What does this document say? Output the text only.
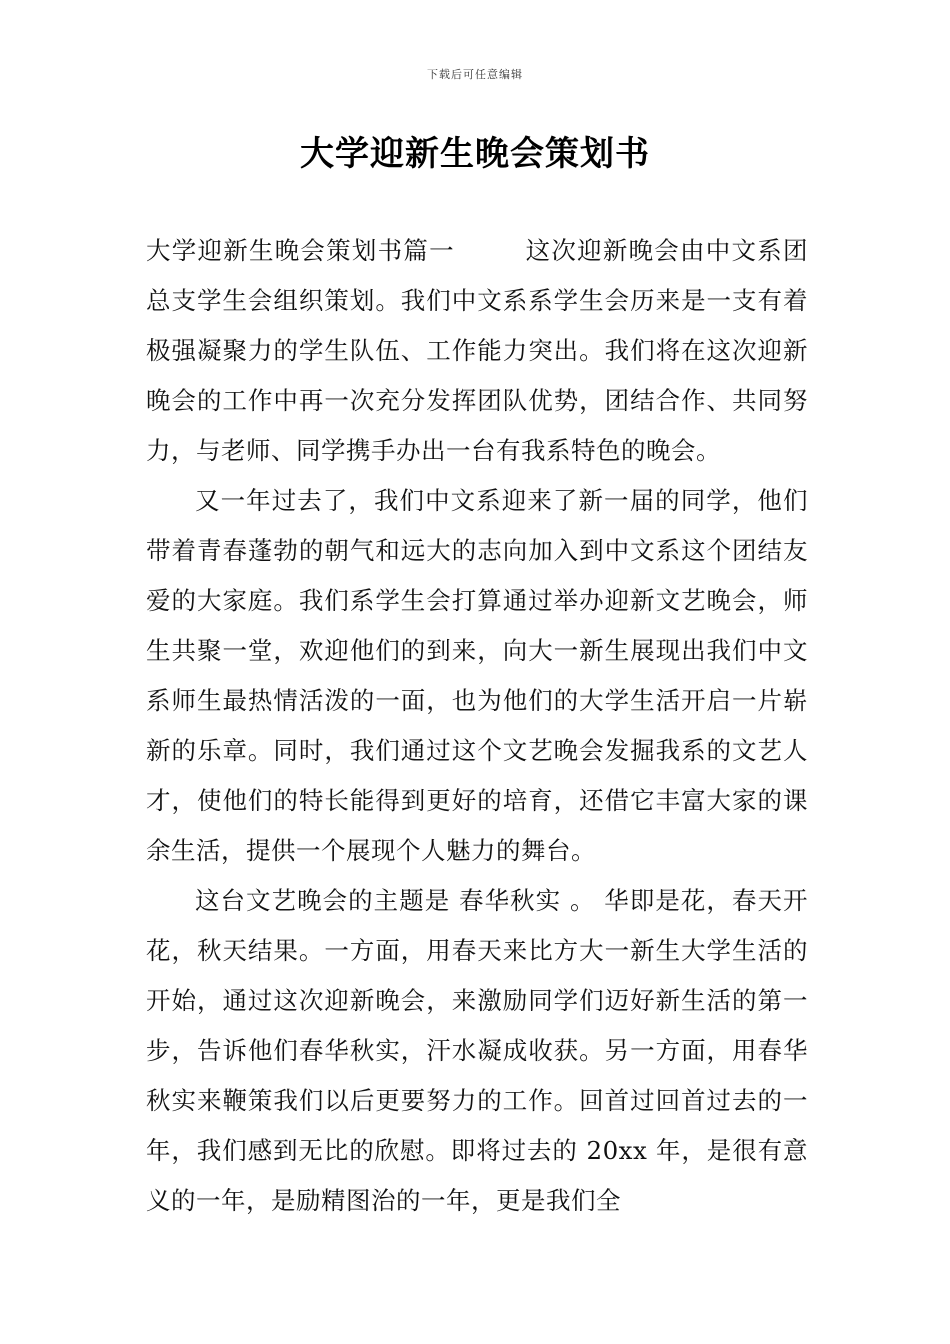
下载后可任意编辑
大学迎新生晚会策划书

大学迎新生晚会策划书篇一	这次迎新晚会由中文系团总支学生会组织策划。我们中文系系学生会历来是一支有着极强凝聚力的学生队伍、工作能力突出。我们将在这次迎新晚会的工作中再一次充分发挥团队优势，团结合作、共同努力，与老师、同学携手办出一台有我系特色的晚会。

又一年过去了，我们中文系迎来了新一届的同学，他们带着青春蓬勃的朝气和远大的志向加入到中文系这个团结友爱的大家庭。我们系学生会打算通过举办迎新文艺晚会，师生共聚一堂，欢迎他们的到来，向大一新生展现出我们中文系师生最热情活泼的一面，也为他们的大学生活开启一片崭新的乐章。同时，我们通过这个文艺晚会发掘我系的文艺人才，使他们的特长能得到更好的培育，还借它丰富大家的课余生活，提供一个展现个人魅力的舞台。

这台文艺晚会的主题是 春华秋实 。 华即是花，春天开花，秋天结果。一方面，用春天来比方大一新生大学生活的开始，通过这次迎新晚会，来激励同学们迈好新生活的第一步，告诉他们春华秋实，汗水凝成收获。另一方面，用春华秋实来鞭策我们以后更要努力的工作。回首过回首过去的一年，我们感到无比的欣慰。即将过去的 20xx 年，是很有意义的一年，是励精图治的一年，更是我们全
